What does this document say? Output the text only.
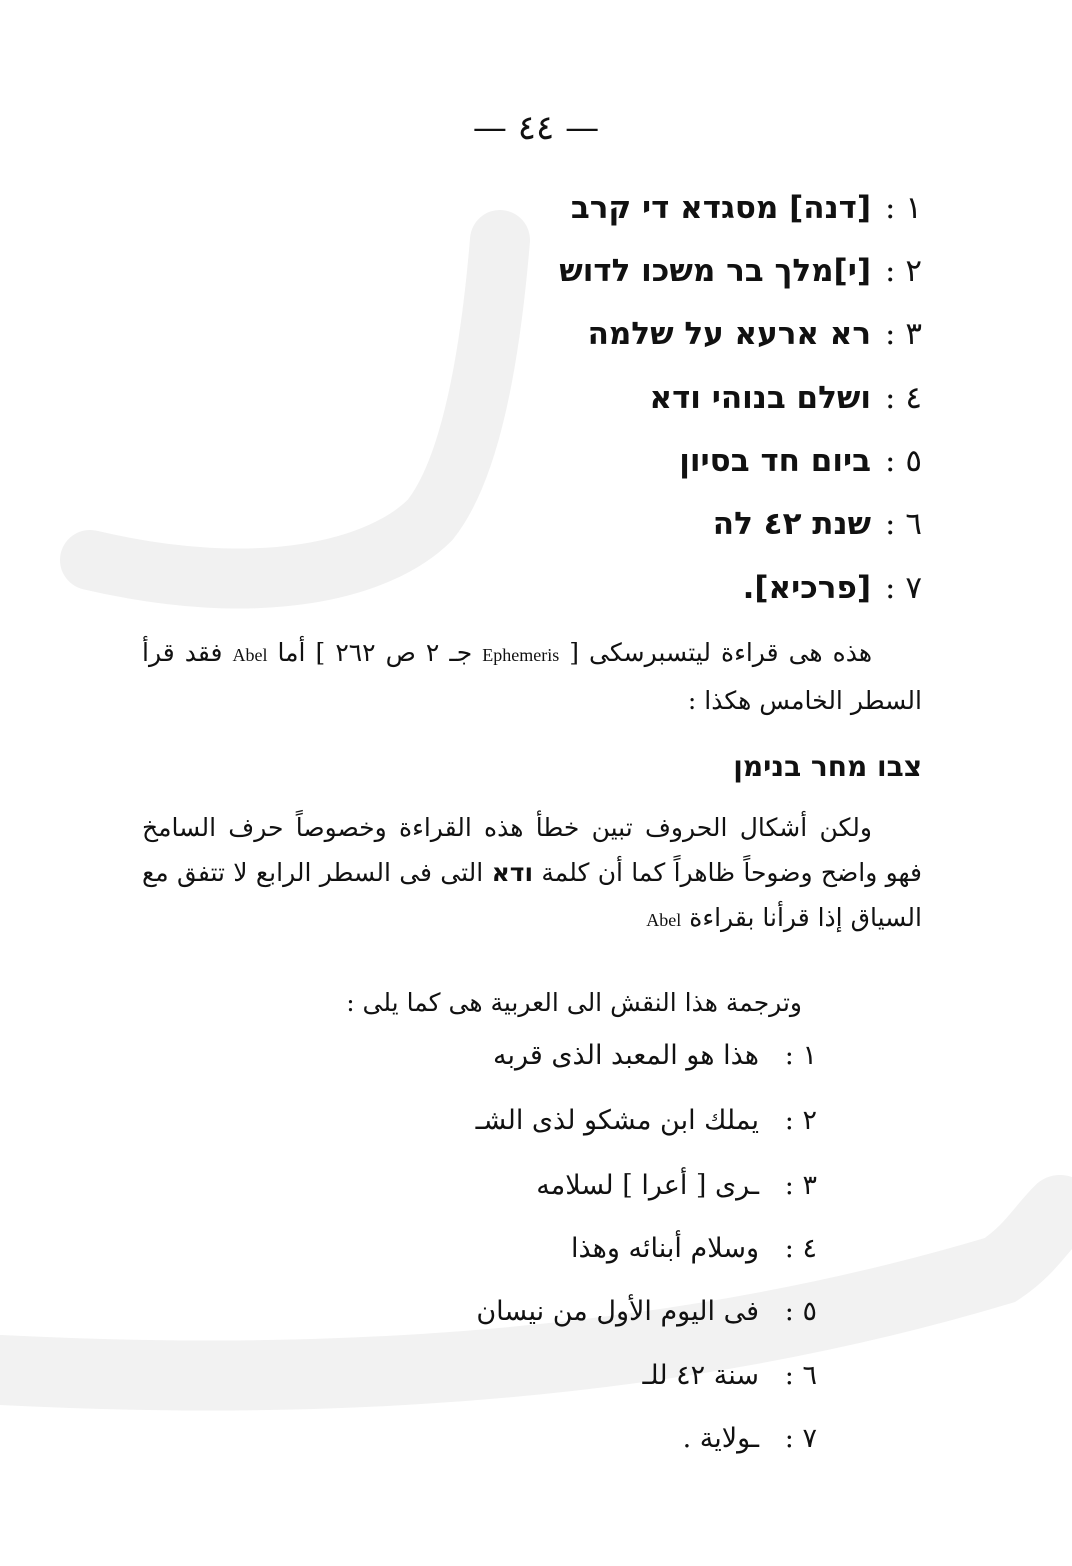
— ٤٤ —
١ :[דנה] מסגדא די קרב
٢ :[י]מלך בר משכו לדוש
٣ :רא ארעא על שלמה
٤ :ושלם בנוהי ודא
٥ :ביום חד בסיון
٦ :שנת ٤٢ לה
٧ :[פרכיא].
هذه هى قراءة ليتسبرسكى [ Ephemeris جـ ٢ ص ٢٦٢ ] أما Abel فقد قرأ السطر الخامس هكذا :
צבו מחר בנימן
ولكن أشكال الحروف تبين خطأ هذه القراءة وخصوصاً حرف السامخ فهو واضح وضوحاً ظاهراً كما أن كلمة ודא التى فى السطر الرابع لا تتفق مع السياق إذا قرأنا بقراءة Abel
وترجمة هذا النقش الى العربية هى كما يلى :
١ :هذا هو المعبد الذى قربه
٢ :يملك ابن مشكو لذى الشـ
٣ :ـرى [ أعرا ] لسلامه
٤ :وسلام أبنائه وهذا
٥ :فى اليوم الأول من نيسان
٦ :سنة ٤٢ للـ
٧ :ـولاية .
